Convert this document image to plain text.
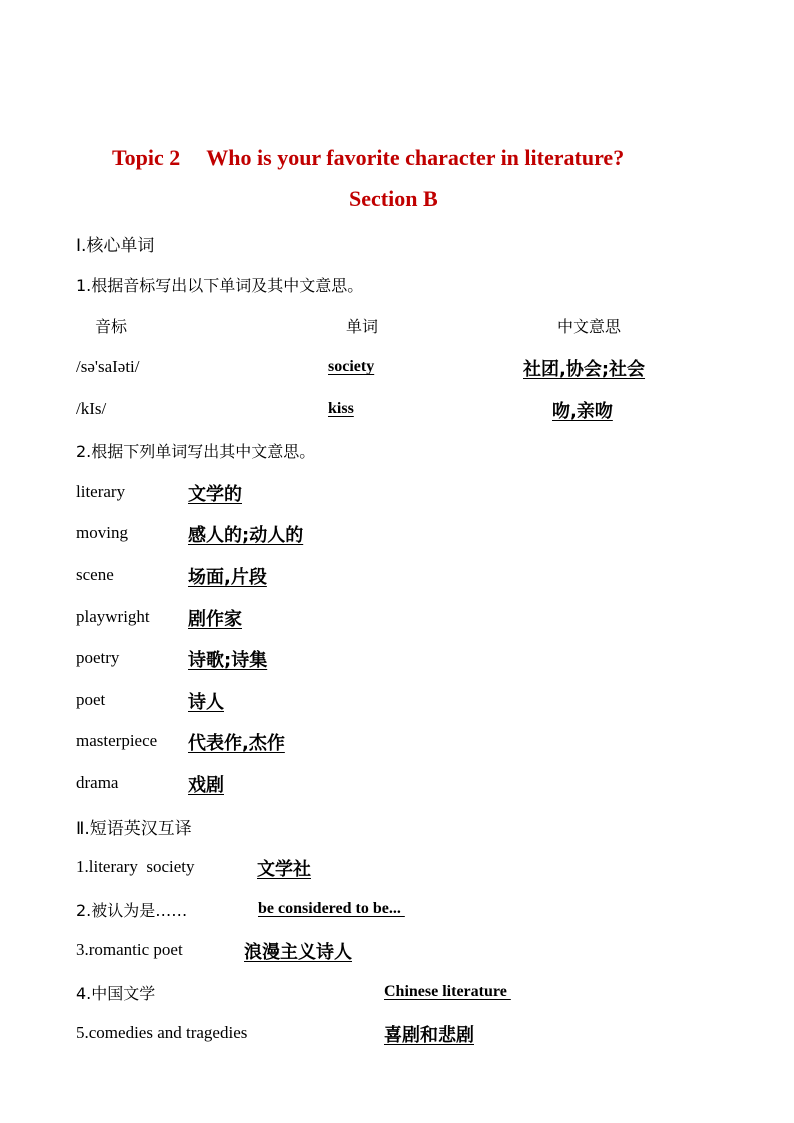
Topic 2 Who is your favorite character in literature?
Section B
Ⅰ.核心单词
1.根据音标写出以下单词及其中文意思。
音标	单词	中文意思
/sə'saIəti/	society	社团,协会;社会
/kIs/	kiss	吻,亲吻
2.根据下列单词写出其中文意思。
literary	文学的
moving	感人的;动人的
scene	场面,片段
playwright 剧作家
poetry	诗歌;诗集
poet	诗人
masterpiece 代表作,杰作
drama	戏剧
Ⅱ.短语英汉互译
1.literary  society	文学社
2.被认为是……	be considered to be...
3.romantic poet	浪漫主义诗人
4.中国文学	Chinese literature
5.comedies and tragedies	喜剧和悲剧
